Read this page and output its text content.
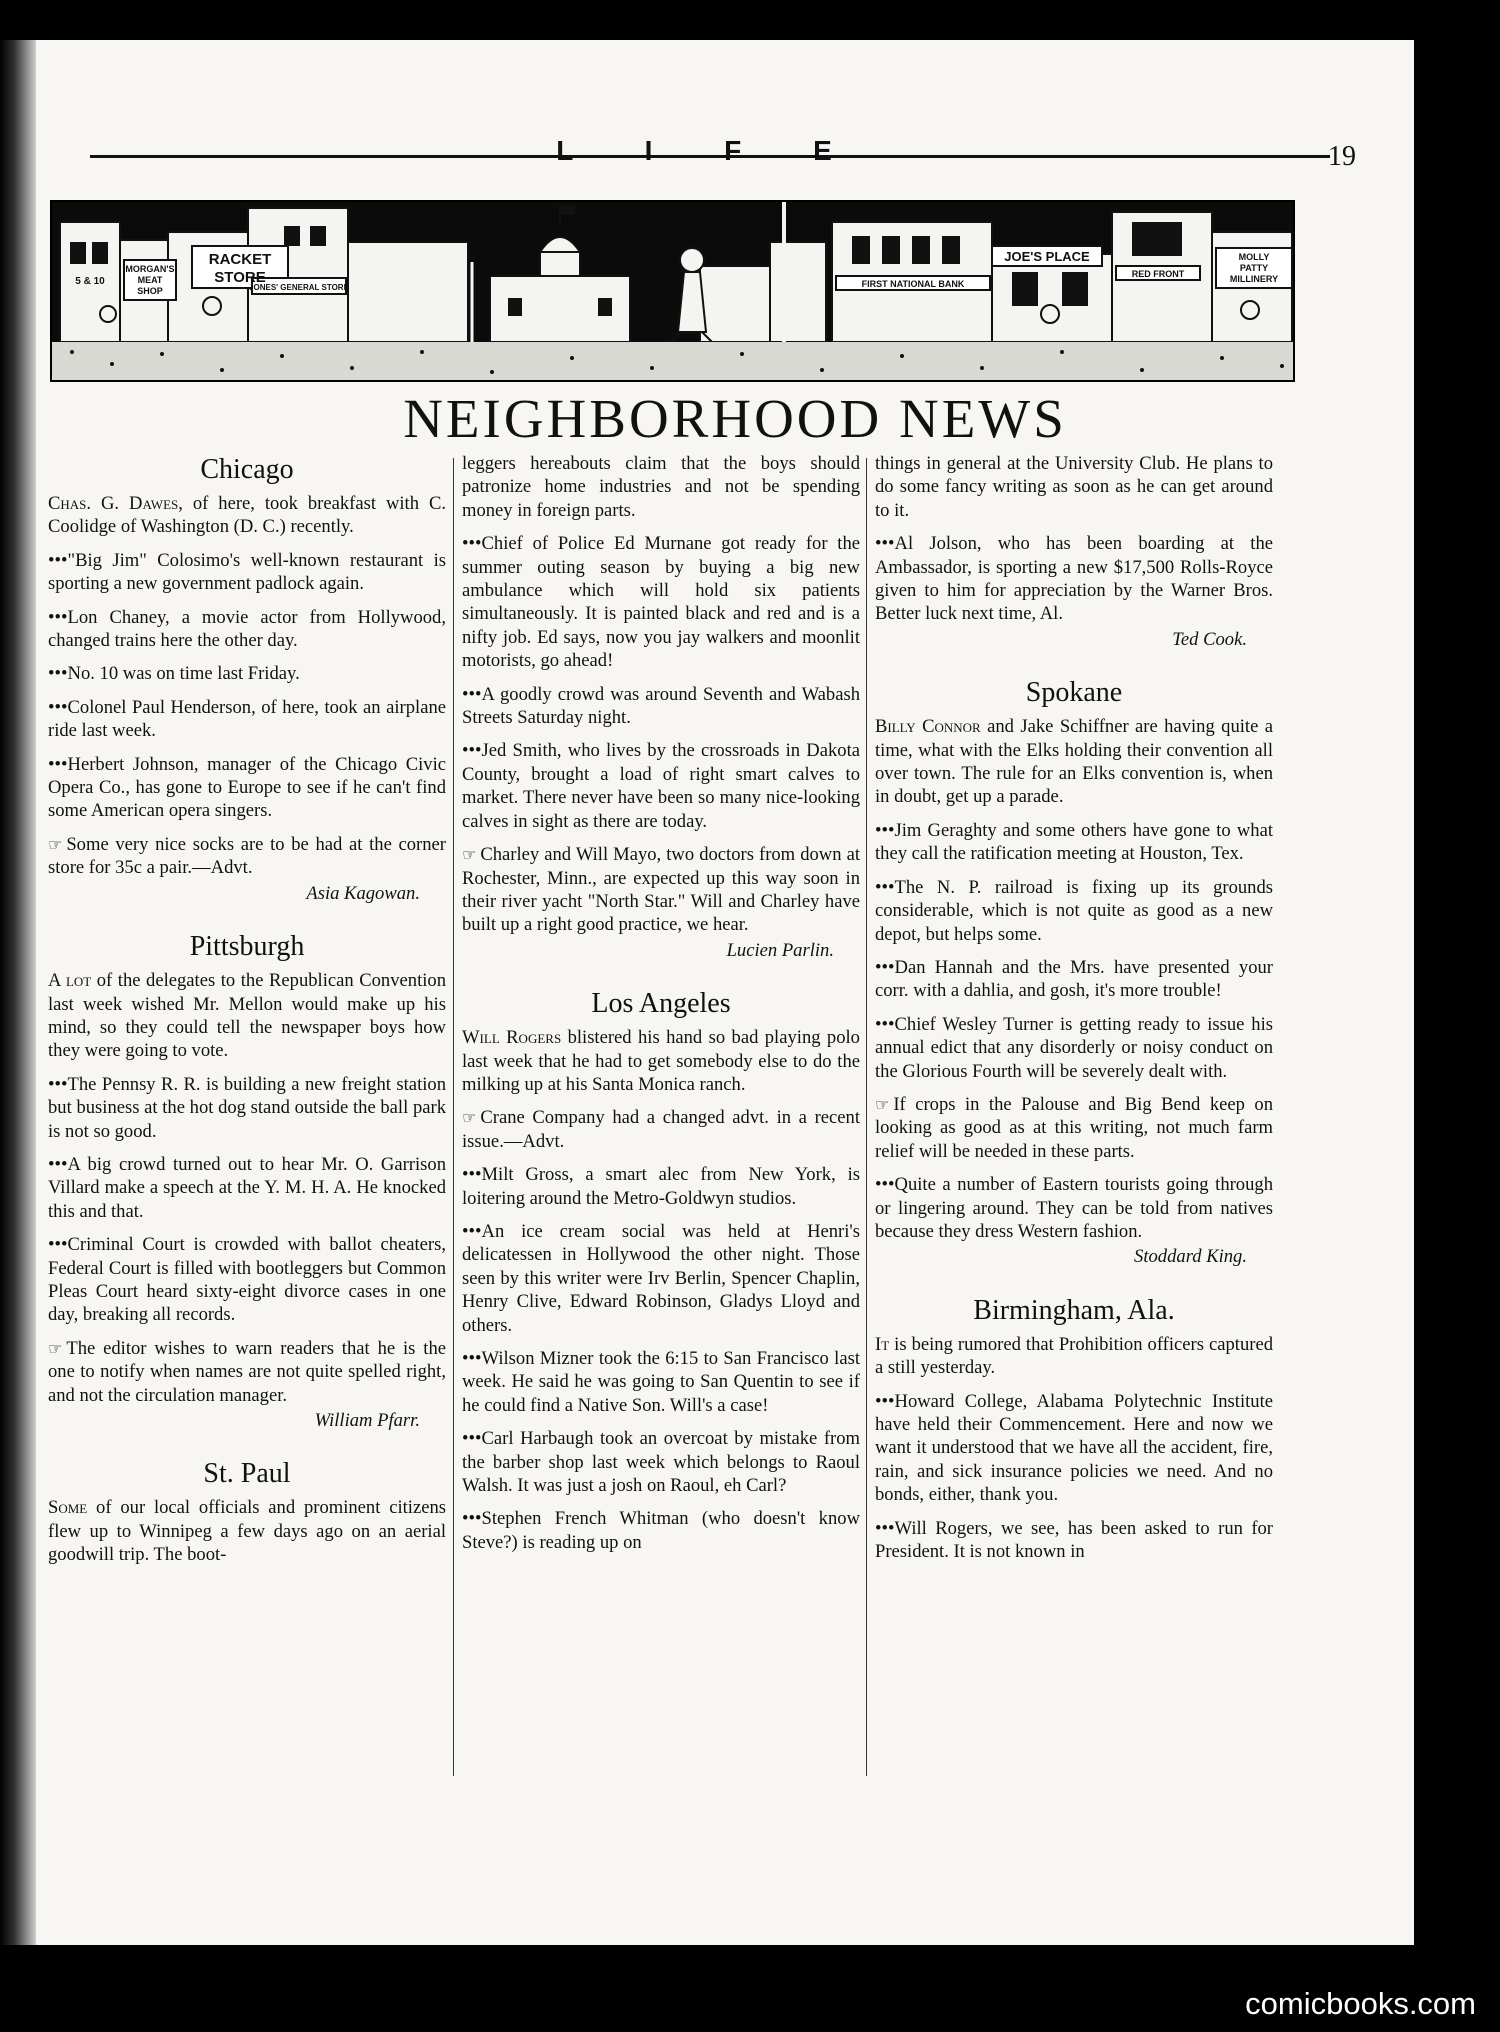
L I F E	19
RACKET
STORE
MORGAN'S
MEAT
SHOP
5 & 10
JONES' GENERAL STORE	FIRST NATIONAL BANK
JOE'S PLACE
RED FRONT
MOLLY
PATTY
MILLINERY
NEIGHBORHOOD NEWS
Chicago
Chas. G. Dawes, of here, took breakfast with C. Coolidge of Washington (D. C.) recently.
•••"Big Jim" Colosimo's well-known restaurant is sporting a new government padlock again.
•••Lon Chaney, a movie actor from Hollywood, changed trains here the other day.
•••No. 10 was on time last Friday.
•••Colonel Paul Henderson, of here, took an airplane ride last week.
•••Herbert Johnson, manager of the Chicago Civic Opera Co., has gone to Europe to see if he can't find some American opera singers.
☞ Some very nice socks are to be had at the corner store for 35c a pair.—Advt.
Asia Kagowan.
Pittsburgh
A lot of the delegates to the Republican Convention last week wished Mr. Mellon would make up his mind, so they could tell the newspaper boys how they were going to vote.
•••The Pennsy R. R. is building a new freight station but business at the hot dog stand outside the ball park is not so good.
•••A big crowd turned out to hear Mr. O. Garrison Villard make a speech at the Y. M. H. A. He knocked this and that.
•••Criminal Court is crowded with ballot cheaters, Federal Court is filled with bootleggers but Common Pleas Court heard sixty-eight divorce cases in one day, breaking all records.
☞ The editor wishes to warn readers that he is the one to notify when names are not quite spelled right, and not the circulation manager.
William Pfarr.
St. Paul
Some of our local officials and prominent citizens flew up to Winnipeg a few days ago on an aerial goodwill trip. The boot-
leggers hereabouts claim that the boys should patronize home industries and not be spending money in foreign parts.
•••Chief of Police Ed Murnane got ready for the summer outing season by buying a big new ambulance which will hold six patients simultaneously. It is painted black and red and is a nifty job. Ed says, now you jay walkers and moonlit motorists, go ahead!
•••A goodly crowd was around Seventh and Wabash Streets Saturday night.
•••Jed Smith, who lives by the crossroads in Dakota County, brought a load of right smart calves to market. There never have been so many nice-looking calves in sight as there are today.
☞ Charley and Will Mayo, two doctors from down at Rochester, Minn., are expected up this way soon in their river yacht "North Star." Will and Charley have built up a right good practice, we hear.
Lucien Parlin.
Los Angeles
Will Rogers blistered his hand so bad playing polo last week that he had to get somebody else to do the milking up at his Santa Monica ranch.
☞ Crane Company had a changed advt. in a recent issue.—Advt.
•••Milt Gross, a smart alec from New York, is loitering around the Metro-Goldwyn studios.
•••An ice cream social was held at Henri's delicatessen in Hollywood the other night. Those seen by this writer were Irv Berlin, Spencer Chaplin, Henry Clive, Edward Robinson, Gladys Lloyd and others.
•••Wilson Mizner took the 6:15 to San Francisco last week. He said he was going to San Quentin to see if he could find a Native Son. Will's a case!
•••Carl Harbaugh took an overcoat by mistake from the barber shop last week which belongs to Raoul Walsh. It was just a josh on Raoul, eh Carl?
•••Stephen French Whitman (who doesn't know Steve?) is reading up on
things in general at the University Club. He plans to do some fancy writing as soon as he can get around to it.
•••Al Jolson, who has been boarding at the Ambassador, is sporting a new $17,500 Rolls-Royce given to him for appreciation by the Warner Bros. Better luck next time, Al.
Ted Cook.
Spokane
Billy Connor and Jake Schiffner are having quite a time, what with the Elks holding their convention all over town. The rule for an Elks convention is, when in doubt, get up a parade.
•••Jim Geraghty and some others have gone to what they call the ratification meeting at Houston, Tex.
•••The N. P. railroad is fixing up its grounds considerable, which is not quite as good as a new depot, but helps some.
•••Dan Hannah and the Mrs. have presented your corr. with a dahlia, and gosh, it's more trouble!
•••Chief Wesley Turner is getting ready to issue his annual edict that any disorderly or noisy conduct on the Glorious Fourth will be severely dealt with.
☞ If crops in the Palouse and Big Bend keep on looking as good as at this writing, not much farm relief will be needed in these parts.
•••Quite a number of Eastern tourists going through or lingering around. They can be told from natives because they dress Western fashion.
Stoddard King.
Birmingham, Ala.
It is being rumored that Prohibition officers captured a still yesterday.
•••Howard College, Alabama Polytechnic Institute have held their Commencement. Here and now we want it understood that we have all the accident, fire, rain, and sick insurance policies we need. And no bonds, either, thank you.
•••Will Rogers, we see, has been asked to run for President. It is not known in
comicbooks.com
